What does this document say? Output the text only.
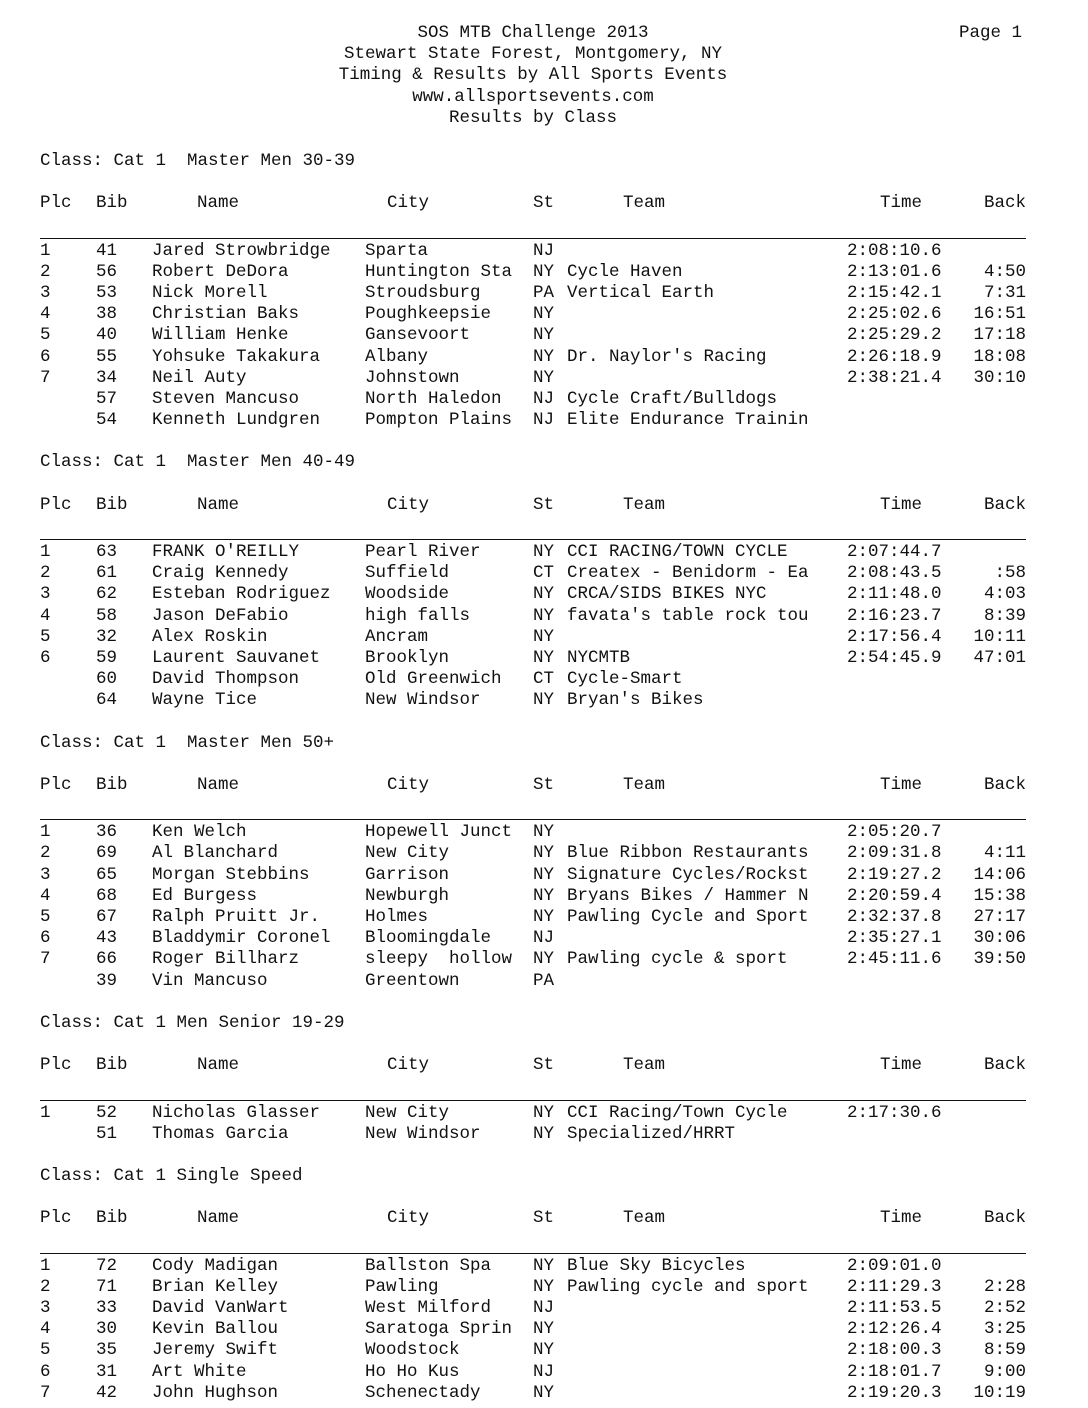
SOS MTB Challenge 2013
Stewart State Forest, Montgomery, NY
Timing & Results by All Sports Events
www.allsportsevents.com
Results by Class
Page 1
Class: Cat 1  Master Men 30-39
Plc Bib	Name	City	St	Team	Time	Back
1	41 Jared Strowbridge	Sparta	NJ	2:08:10.6
2	56 Robert DeDora	Huntington Sta	NY Cycle Haven	2:13:01.6 4:50
3	53 Nick Morell	Stroudsburg	PA Vertical Earth	2:15:42.1 7:31
4	38 Christian Baks	Poughkeepsie	NY	2:25:02.6 16:51
5	40 William Henke	Gansevoort	NY	2:25:29.2 17:18
6	55 Yohsuke Takakura	Albany	NY Dr. Naylor's Racing	2:26:18.9 18:08
7	34 Neil Auty	Johnstown	NY	2:38:21.4 30:10
57 Steven Mancuso	North Haledon	NJ Cycle Craft/Bulldogs
54 Kenneth Lundgren	Pompton Plains	NJ Elite Endurance Trainin
Class: Cat 1  Master Men 40-49
Plc Bib	Name	City	St	Team	Time	Back
1	63 FRANK O'REILLY	Pearl River	NY CCI RACING/TOWN CYCLE	2:07:44.7
2	61 Craig Kennedy	Suffield	CT Createx - Benidorm - Ea	2:08:43.5	:58
3	62 Esteban Rodriguez	Woodside	NY CRCA/SIDS BIKES NYC	2:11:48.0 4:03
4	58 Jason DeFabio	high falls	NY favata's table rock tou	2:16:23.7 8:39
5	32 Alex Roskin	Ancram	NY	2:17:56.4 10:11
6	59 Laurent Sauvanet	Brooklyn	NY NYCMTB	2:54:45.9 47:01
60 David Thompson	Old Greenwich	CT Cycle-Smart
64 Wayne Tice	New Windsor	NY Bryan's Bikes
Class: Cat 1  Master Men 50+
Plc Bib	Name	City	St	Team	Time	Back
1	36 Ken Welch	Hopewell Junct	NY	2:05:20.7
2	69 Al Blanchard	New City	NY Blue Ribbon Restaurants	2:09:31.8 4:11
3	65 Morgan Stebbins	Garrison	NY Signature Cycles/Rockst	2:19:27.2 14:06
4	68 Ed Burgess	Newburgh	NY Bryans Bikes / Hammer N	2:20:59.4 15:38
5	67 Ralph Pruitt Jr.	Holmes	NY Pawling Cycle and Sport	2:32:37.8 27:17
6	43 Bladdymir Coronel	Bloomingdale	NJ	2:35:27.1 30:06
7	66 Roger Billharz	sleepy  hollow	NY Pawling cycle & sport	2:45:11.6 39:50
39 Vin Mancuso	Greentown	PA
Class: Cat 1 Men Senior 19-29
Plc Bib	Name	City	St	Team	Time	Back
1	52 Nicholas Glasser	New City	NY CCI Racing/Town Cycle	2:17:30.6
51 Thomas Garcia	New Windsor	NY Specialized/HRRT
Class: Cat 1 Single Speed
Plc Bib	Name	City	St	Team	Time	Back
1	72 Cody Madigan	Ballston Spa	NY Blue Sky Bicycles	2:09:01.0
2	71 Brian Kelley	Pawling	NY Pawling cycle and sport	2:11:29.3 2:28
3	33 David VanWart	West Milford	NJ	2:11:53.5 2:52
4	30 Kevin Ballou	Saratoga Sprin	NY	2:12:26.4 3:25
5	35 Jeremy Swift	Woodstock	NY	2:18:00.3 8:59
6	31 Art White	Ho Ho Kus	NJ	2:18:01.7 9:00
7	42 John Hughson	Schenectady	NY	2:19:20.3 10:19
